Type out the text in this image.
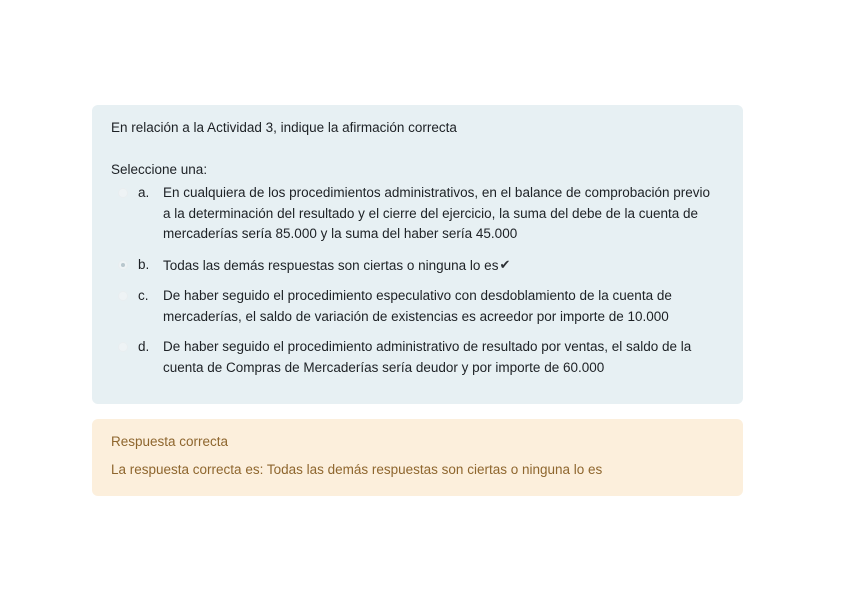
En relación a la Actividad 3, indique la afirmación correcta

Seleccione una:

a.	En cualquiera de los procedimientos administrativos, en el balance de comprobación previo a la determinación del resultado y el cierre del ejercicio, la suma del debe de la cuenta de mercaderías sería 85.000 y la suma del haber sería 45.000
b.	Todas las demás respuestas son ciertas o ninguna lo es✔
c.	De haber seguido el procedimiento especulativo con desdoblamiento de la cuenta de mercaderías, el saldo de variación de existencias es acreedor por importe de 10.000
d.	De haber seguido el procedimiento administrativo de resultado por ventas, el saldo de la cuenta de Compras de Mercaderías sería deudor y por importe de 60.000

Respuesta correcta

La respuesta correcta es: Todas las demás respuestas son ciertas o ninguna lo es
